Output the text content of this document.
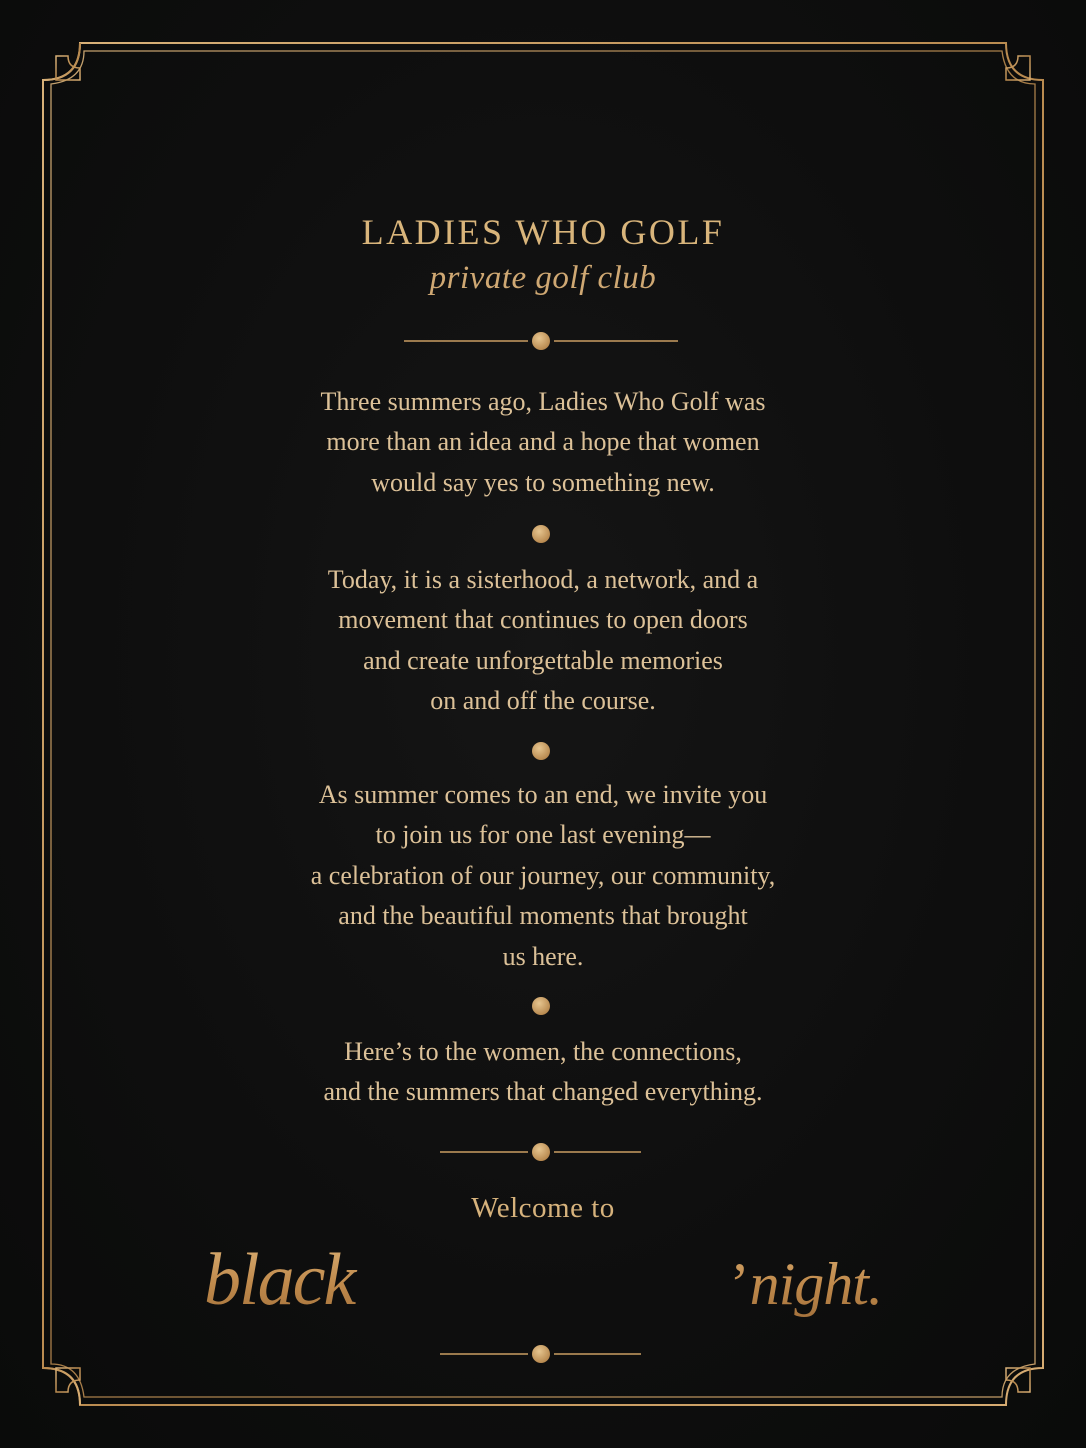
LADIES WHO GOLF
private golf club
Three summers ago, Ladies Who Golf was
more than an idea and a hope that women
would say yes to something new.
Today, it is a sisterhood, a network, and a
movement that continues to open doors
and create unforgettable memories
on and off the course.
As summer comes to an end, we invite you
to join us for one last evening—
a celebration of our journey, our community,
and the beautiful moments that brought
us here.
Here’s to the women, the connections,
and the summers that changed everything.
Welcome to
black SUMMERS ’night.
